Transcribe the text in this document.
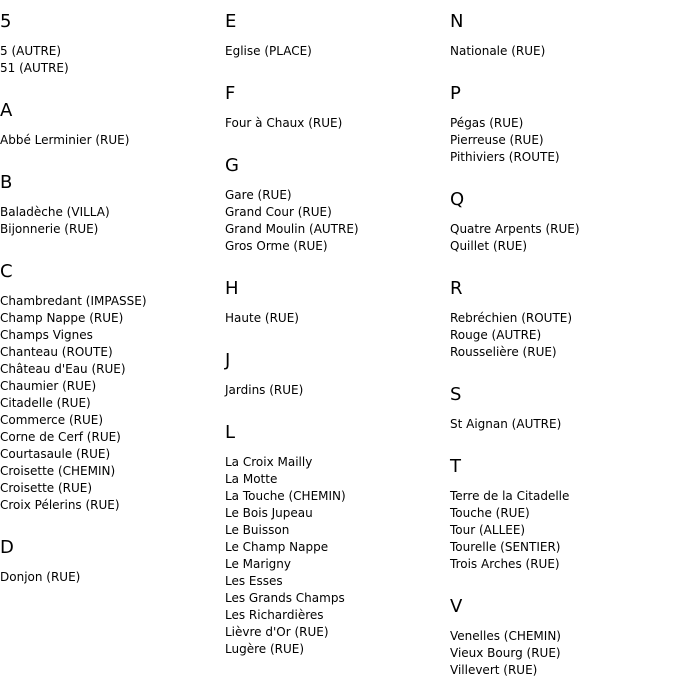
5
5 (AUTRE)
51 (AUTRE)
A
Abbé Lerminier (RUE)
B
Baladèche (VILLA)
Bijonnerie (RUE)
C
Chambredant (IMPASSE)
Champ Nappe (RUE)
Champs Vignes
Chanteau (ROUTE)
Château d'Eau (RUE)
Chaumier (RUE)
Citadelle (RUE)
Commerce (RUE)
Corne de Cerf (RUE)
Courtasaule (RUE)
Croisette (CHEMIN)
Croisette (RUE)
Croix Pélerins (RUE)
D
Donjon (RUE)
E
Eglise (PLACE)
F
Four à Chaux (RUE)
G
Gare (RUE)
Grand Cour (RUE)
Grand Moulin (AUTRE)
Gros Orme (RUE)
H
Haute (RUE)
J
Jardins (RUE)
L
La Croix Mailly
La Motte
La Touche (CHEMIN)
Le Bois Jupeau
Le Buisson
Le Champ Nappe
Le Marigny
Les Esses
Les Grands Champs
Les Richardières
Lièvre d'Or (RUE)
Lugère (RUE)
N
Nationale (RUE)
P
Pégas (RUE)
Pierreuse (RUE)
Pithiviers (ROUTE)
Q
Quatre Arpents (RUE)
Quillet (RUE)
R
Rebréchien (ROUTE)
Rouge (AUTRE)
Rousselière (RUE)
S
St Aignan (AUTRE)
T
Terre de la Citadelle
Touche (RUE)
Tour (ALLEE)
Tourelle (SENTIER)
Trois Arches (RUE)
V
Venelles (CHEMIN)
Vieux Bourg (RUE)
Villevert (RUE)
